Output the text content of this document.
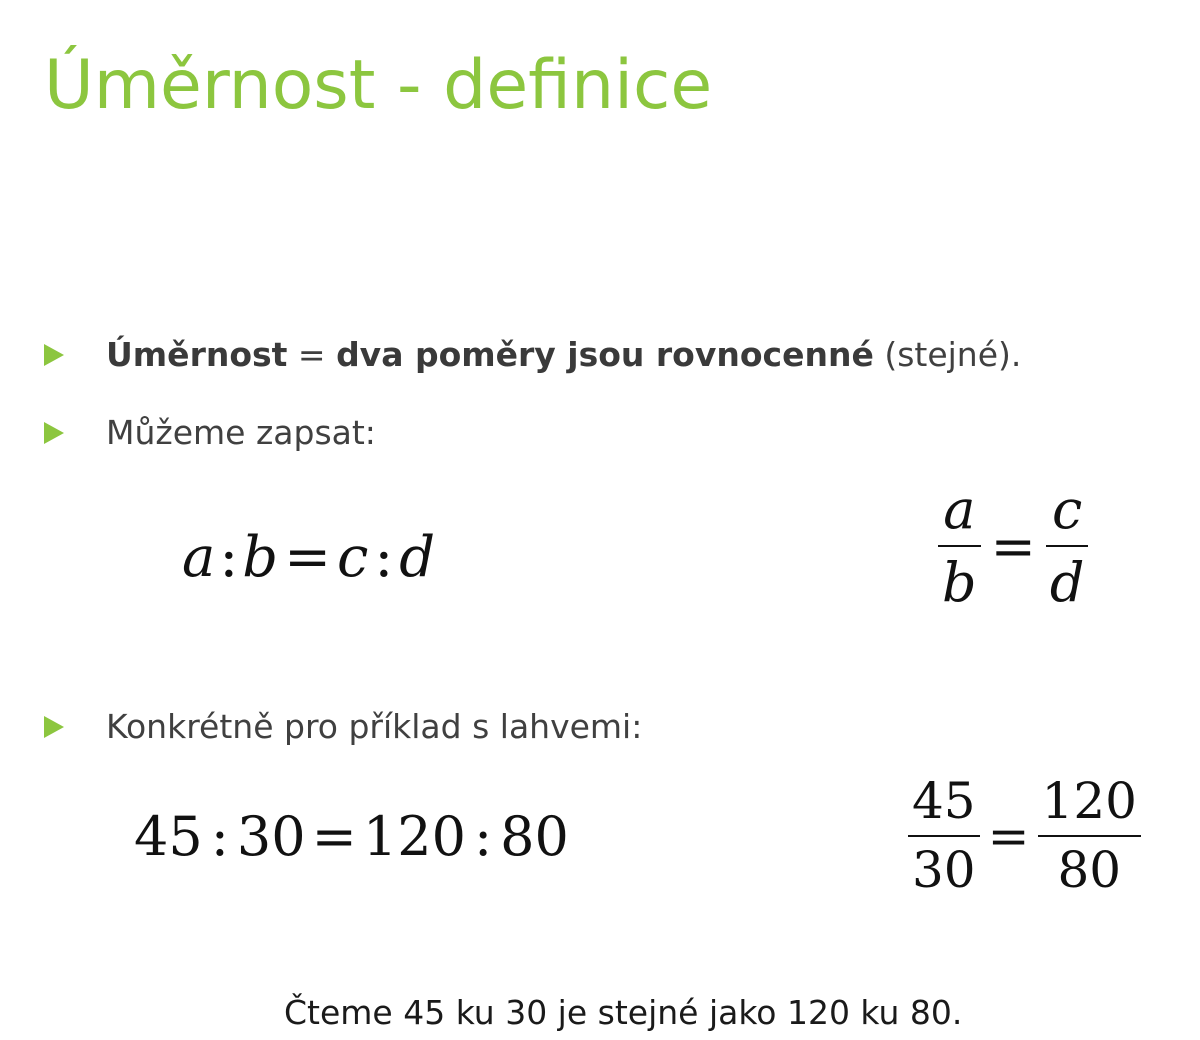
Úměrnost - definice
Úměrnost = dva poměry jsou rovnocenné (stejné).
Můžeme zapsat:
a:b = c : d	$\frac{a}{b} = \frac{c}{d}$
Konkrétně pro příklad s lahvemi:
45 : 30 = 120 : 80	$\frac{45}{30} = \frac{120}{80}$
Čteme 45 ku 30 je stejné jako 120 ku 80.
